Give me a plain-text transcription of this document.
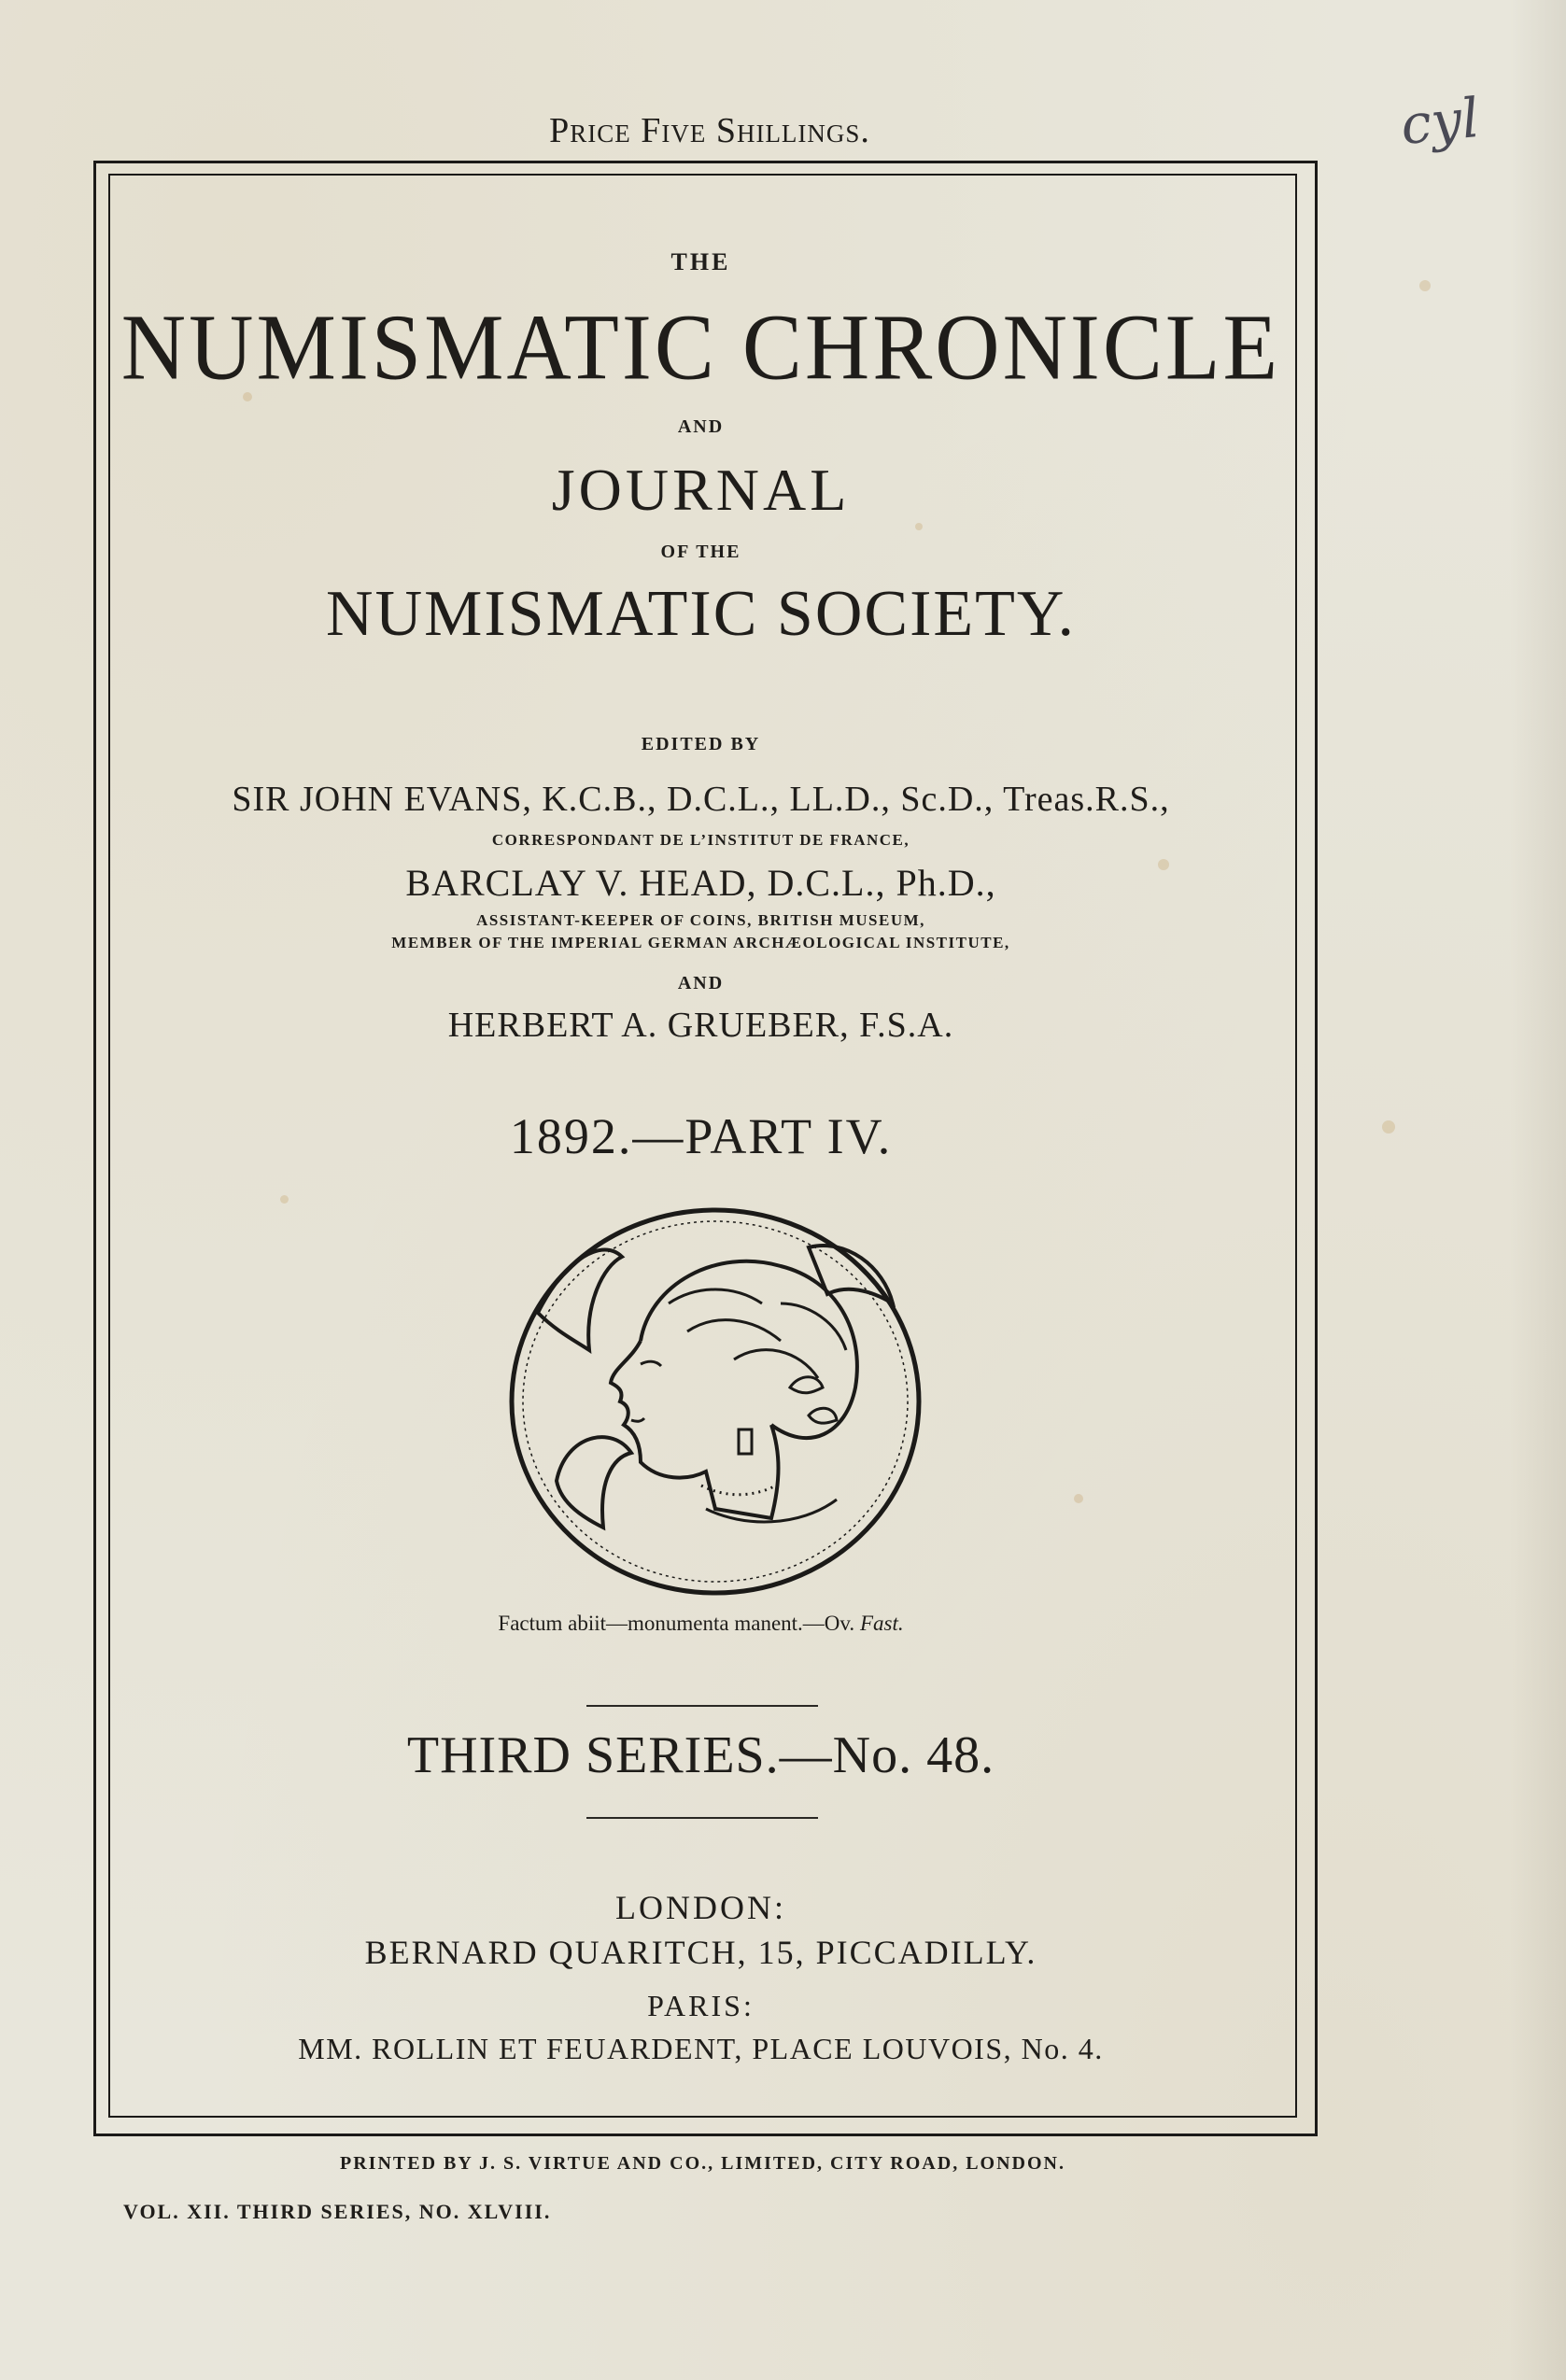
Price Five Shillings.	cyl
THE
NUMISMATIC CHRONICLE
AND
JOURNAL
OF THE
NUMISMATIC SOCIETY.
EDITED BY
SIR JOHN EVANS, K.C.B., D.C.L., LL.D., Sc.D., Treas.R.S.,
CORRESPONDANT DE L’INSTITUT DE FRANCE,
BARCLAY V. HEAD, D.C.L., Ph.D.,
ASSISTANT-KEEPER OF COINS, BRITISH MUSEUM,
MEMBER OF THE IMPERIAL GERMAN ARCHÆOLOGICAL INSTITUTE,
AND
HERBERT A. GRUEBER, F.S.A.
1892.—PART IV.
Factum abiit—monumenta manent.—Ov. Fast.
THIRD SERIES.—No. 48.
LONDON:
BERNARD QUARITCH, 15, PICCADILLY.
PARIS:
MM. ROLLIN ET FEUARDENT, PLACE LOUVOIS, No. 4.
PRINTED BY J. S. VIRTUE AND CO., LIMITED, CITY ROAD, LONDON.
VOL. XII. THIRD SERIES, NO. XLVIII.
